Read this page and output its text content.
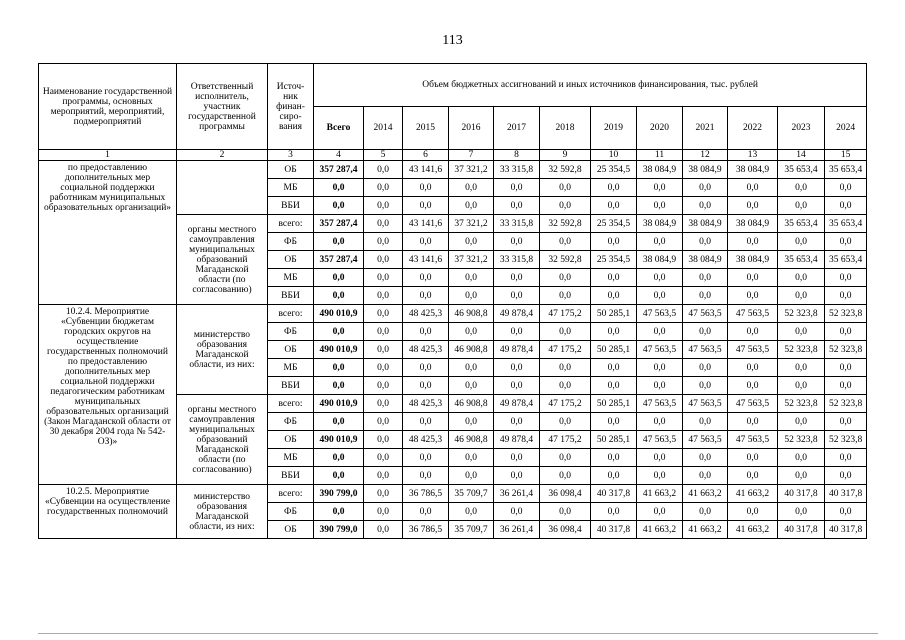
113
Наименование государственной программы, основных мероприятий, мероприятий, подмероприятий	Ответственный исполнитель, участник государственной программы	Источ-ник финан-сиро-вания	Объем бюджетных ассигнований и иных источников финансирования, тыс. рублей											
			Всего	2014	2015	2016	2017	2018	2019	2020	2021	2022	2023	2024
1	2	3	4	5	6	7	8	9	10	11	12	13	14	15
по предоставлению дополнительных мер социальной поддержки работникам муниципальных образовательных организаций»		ОБ	357 287,4	0,0	43 141,6	37 321,2	33 315,8	32 592,8	25 354,5	38 084,9	38 084,9	38 084,9	35 653,4	35 653,4
		МБ	0,0	0,0	0,0	0,0	0,0	0,0	0,0	0,0	0,0	0,0	0,0	0,0
		ВБИ	0,0	0,0	0,0	0,0	0,0	0,0	0,0	0,0	0,0	0,0	0,0	0,0
	органы местного самоуправления муниципальных образований Магаданской области (по согласованию)	всего:	357 287,4	0,0	43 141,6	37 321,2	33 315,8	32 592,8	25 354,5	38 084,9	38 084,9	38 084,9	35 653,4	35 653,4
		ФБ	0,0	0,0	0,0	0,0	0,0	0,0	0,0	0,0	0,0	0,0	0,0	0,0
		ОБ	357 287,4	0,0	43 141,6	37 321,2	33 315,8	32 592,8	25 354,5	38 084,9	38 084,9	38 084,9	35 653,4	35 653,4
		МБ	0,0	0,0	0,0	0,0	0,0	0,0	0,0	0,0	0,0	0,0	0,0	0,0
		ВБИ	0,0	0,0	0,0	0,0	0,0	0,0	0,0	0,0	0,0	0,0	0,0	0,0
10.2.4. Мероприятие «Субвенции бюджетам городских округов на осуществление государственных полномочий по предоставлению дополнительных мер социальной поддержки педагогическим работникам муниципальных образовательных организаций (Закон Магаданской области от 30 декабря 2004 года № 542-ОЗ)»	министерство образования Магаданской области, из них:	всего:	490 010,9	0,0	48 425,3	46 908,8	49 878,4	47 175,2	50 285,1	47 563,5	47 563,5	47 563,5	52 323,8	52 323,8
		ФБ	0,0	0,0	0,0	0,0	0,0	0,0	0,0	0,0	0,0	0,0	0,0	0,0
		ОБ	490 010,9	0,0	48 425,3	46 908,8	49 878,4	47 175,2	50 285,1	47 563,5	47 563,5	47 563,5	52 323,8	52 323,8
		МБ	0,0	0,0	0,0	0,0	0,0	0,0	0,0	0,0	0,0	0,0	0,0	0,0
		ВБИ	0,0	0,0	0,0	0,0	0,0	0,0	0,0	0,0	0,0	0,0	0,0	0,0
	органы местного самоуправления муниципальных образований Магаданской области (по согласованию)	всего:	490 010,9	0,0	48 425,3	46 908,8	49 878,4	47 175,2	50 285,1	47 563,5	47 563,5	47 563,5	52 323,8	52 323,8
		ФБ	0,0	0,0	0,0	0,0	0,0	0,0	0,0	0,0	0,0	0,0	0,0	0,0
		ОБ	490 010,9	0,0	48 425,3	46 908,8	49 878,4	47 175,2	50 285,1	47 563,5	47 563,5	47 563,5	52 323,8	52 323,8
		МБ	0,0	0,0	0,0	0,0	0,0	0,0	0,0	0,0	0,0	0,0	0,0	0,0
		ВБИ	0,0	0,0	0,0	0,0	0,0	0,0	0,0	0,0	0,0	0,0	0,0	0,0
10.2.5. Мероприятие «Субвенции на осуществление государственных полномочий	министерство образования Магаданской области, из них:	всего:	390 799,0	0,0	36 786,5	35 709,7	36 261,4	36 098,4	40 317,8	41 663,2	41 663,2	41 663,2	40 317,8	40 317,8
		ФБ	0,0	0,0	0,0	0,0	0,0	0,0	0,0	0,0	0,0	0,0	0,0	0,0
		ОБ	390 799,0	0,0	36 786,5	35 709,7	36 261,4	36 098,4	40 317,8	41 663,2	41 663,2	41 663,2	40 317,8	40 317,8
